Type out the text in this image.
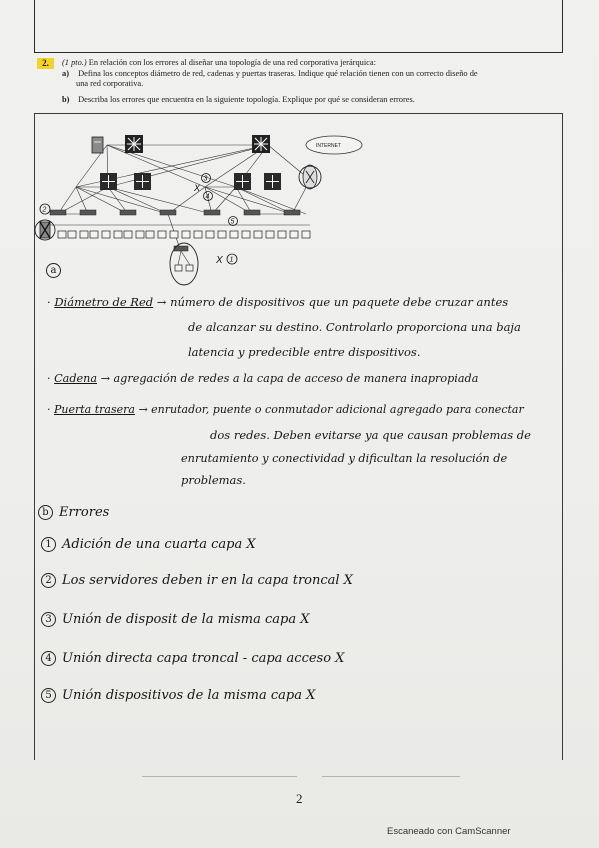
2.	(1 pto.) En relación con los errores al diseñar una topología de una red corporativa jerárquica:
a) Defina los conceptos diámetro de red, cadenas y puertas traseras. Indique qué relación tienen con un correcto diseño de
una red corporativa.
b) Describa los errores que encuentra en la siguiente topología. Explique por qué se consideran errores.
INTERNET
2
3
4
5
1
X
X
a
· Diámetro de Red → número de dispositivos que un paquete debe cruzar antes
de alcanzar su destino. Controlarlo proporciona una baja
latencia y predecible entre dispositivos.
· Cadena → agregación de redes a la capa de acceso de manera inapropiada
· Puerta trasera → enrutador, puente o conmutador adicional agregado para conectar
dos redes. Deben evitarse ya que causan problemas de
enrutamiento y conectividad y dificultan la resolución de
problemas.
b Errores
1 Adición de una cuarta capa X
2 Los servidores deben ir en la capa troncal X
3 Unión de disposit de la misma capa X
4 Unión directa capa troncal - capa acceso X
5 Unión dispositivos de la misma capa X
2
Escaneado con CamScanner
